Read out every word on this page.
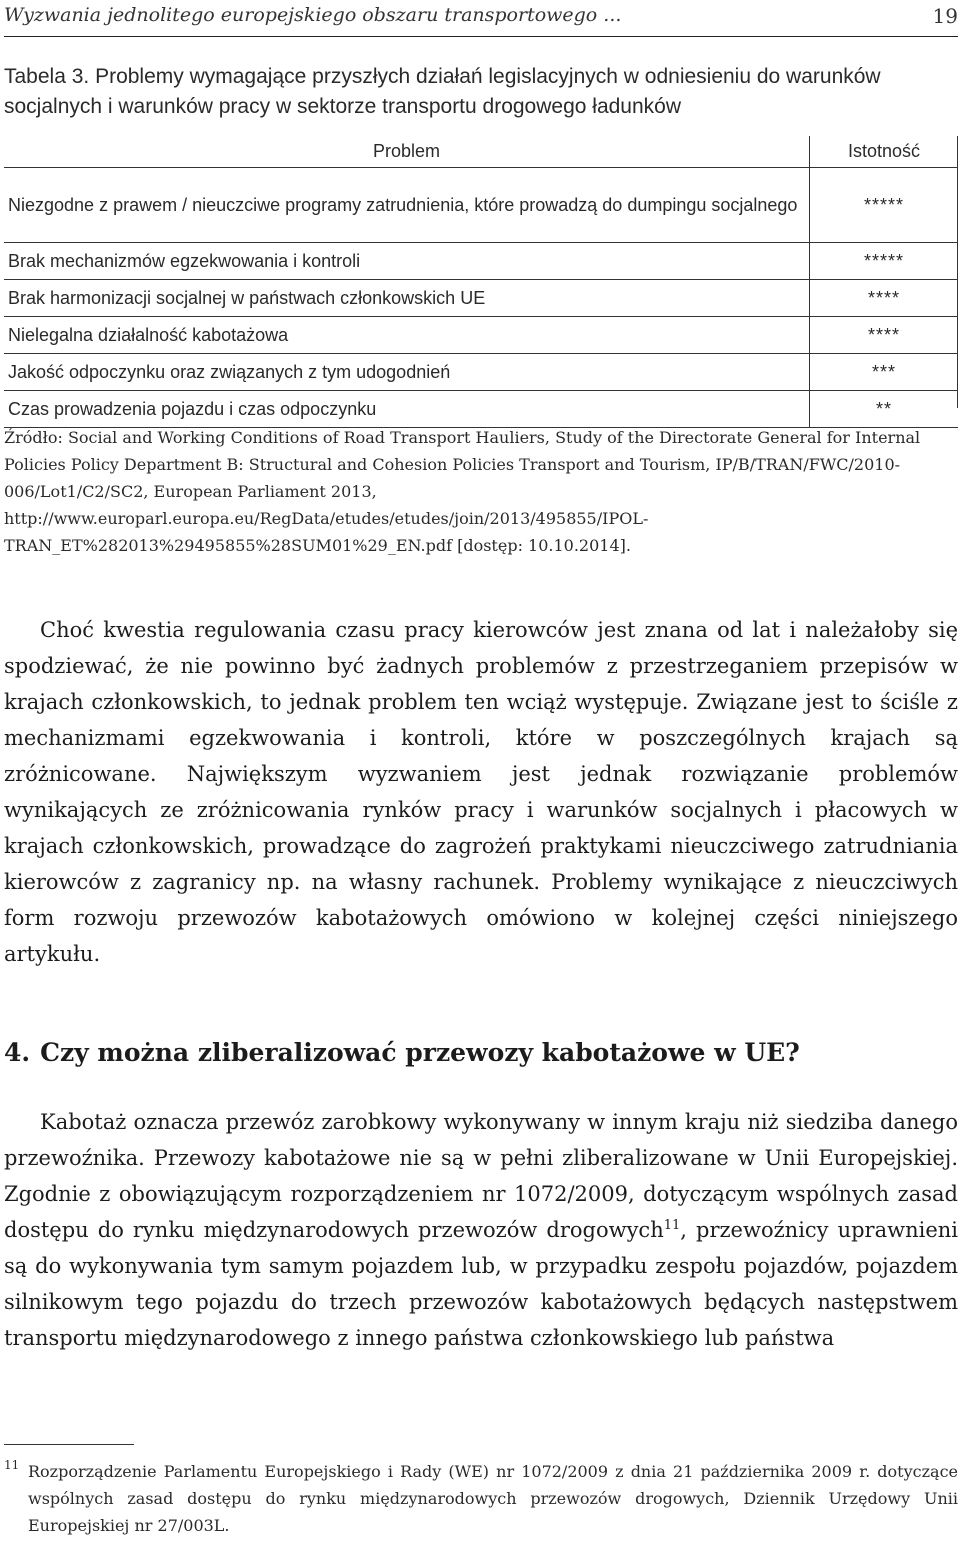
Wyzwania jednolitego europejskiego obszaru transportowego ...	19
Tabela 3. Problemy wymagające przyszłych działań legislacyjnych w odniesieniu do warunków socjalnych i warunków pracy w sektorze transportu drogowego ładunków
Problem	Istotność
Niezgodne z prawem / nieuczciwe programy zatrudnienia, które prowadzą do dumpingu socjalnego	*****
Brak mechanizmów egzekwowania i kontroli	*****
Brak harmonizacji socjalnej w państwach członkowskich UE	****
Nielegalna działalność kabotażowa	****
Jakość odpoczynku oraz związanych z tym udogodnień	***
Czas prowadzenia pojazdu i czas odpoczynku	**
Źródło: Social and Working Conditions of Road Transport Hauliers, Study of the Directorate General for Internal Policies Policy Department B: Structural and Cohesion Policies Transport and Tourism, IP/B/TRAN/FWC/2010-006/Lot1/C2/SC2, European Parliament 2013, http://www.europarl.europa.eu/RegData/etudes/etudes/join/2013/495855/IPOL-TRAN_ET%282013%29495855%28SUM01%29_EN.pdf [dostęp: 10.10.2014].

Choć kwestia regulowania czasu pracy kierowców jest znana od lat i należałoby się spodziewać, że nie powinno być żadnych problemów z przestrzeganiem przepisów w krajach członkowskich, to jednak problem ten wciąż występuje. Związane jest to ściśle z mechanizmami egzekwowania i kontroli, które w poszczególnych krajach są zróżnicowane. Największym wyzwaniem jest jednak rozwiązanie problemów wynikających ze zróżnicowania rynków pracy i warunków socjalnych i płacowych w krajach członkowskich, prowadzące do zagrożeń praktykami nieuczciwego zatrudniania kierowców z zagranicy np. na własny rachunek. Problemy wynikające z nieuczciwych form rozwoju przewozów kabotażowych omówiono w kolejnej części niniejszego artykułu.

4. Czy można zliberalizować przewozy kabotażowe w UE?

Kabotaż oznacza przewóz zarobkowy wykonywany w innym kraju niż siedziba danego przewoźnika. Przewozy kabotażowe nie są w pełni zliberalizowane w Unii Europejskiej. Zgodnie z obowiązującym rozporządzeniem nr 1072/2009, dotyczącym wspólnych zasad dostępu do rynku międzynarodowych przewozów drogowych$^{11}$, przewoźnicy uprawnieni są do wykonywania tym samym pojazdem lub, w przypadku zespołu pojazdów, pojazdem silnikowym tego pojazdu do trzech przewozów kabotażowych będących następstwem transportu międzynarodowego z innego państwa członkowskiego lub państwa

11 Rozporządzenie Parlamentu Europejskiego i Rady (WE) nr 1072/2009 z dnia 21 października 2009 r. dotyczące wspólnych zasad dostępu do rynku międzynarodowych przewozów drogowych, Dziennik Urzędowy Unii Europejskiej nr 27/003L.
